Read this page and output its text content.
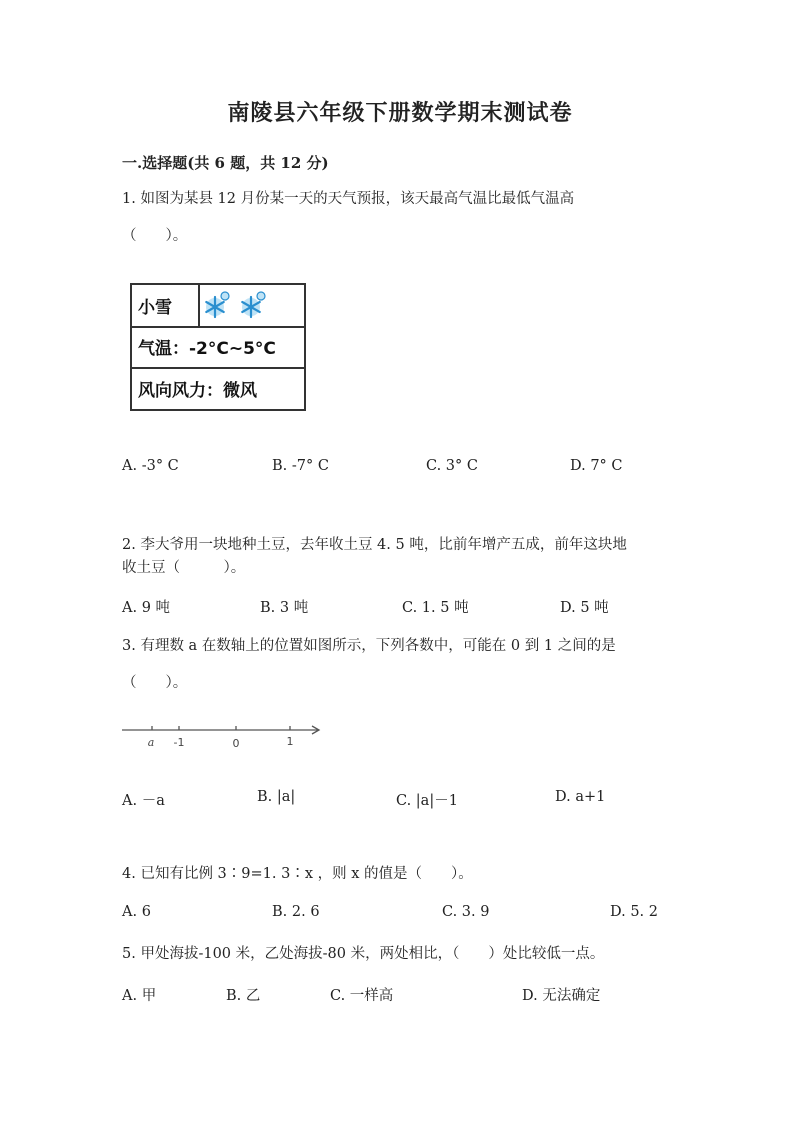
南陵县六年级下册数学期末测试卷
一.选择题(共 6 题，共 12 分)
1. 如图为某县 12 月份某一天的天气预报，该天最高气温比最低气温高
（　　）。
小雪
气温：-2°C~5°C
风向风力：微风
A. -3° C	B. -7° C	C. 3° C	D. 7° C
2. 李大爷用一块地种土豆，去年收土豆 4. 5 吨，比前年增产五成，前年这块地
收土豆（　　　）。
A. 9 吨	B. 3 吨	C. 1. 5 吨	D. 5 吨
3. 有理数 a 在数轴上的位置如图所示，下列各数中，可能在 0 到 1 之间的是
（　　）。
a -1	0	1
A. －a	B. |a|	C. |a|－1	D. a+1
4. 已知有比例 3∶9=1. 3∶x ，则 x 的值是（　　）。
A. 6	B. 2. 6	C. 3. 9	D. 5. 2
5. 甲处海拔-100 米，乙处海拔-80 米，两处相比，（　　）处比较低一点。
A. 甲	B. 乙	C. 一样高	D. 无法确定
